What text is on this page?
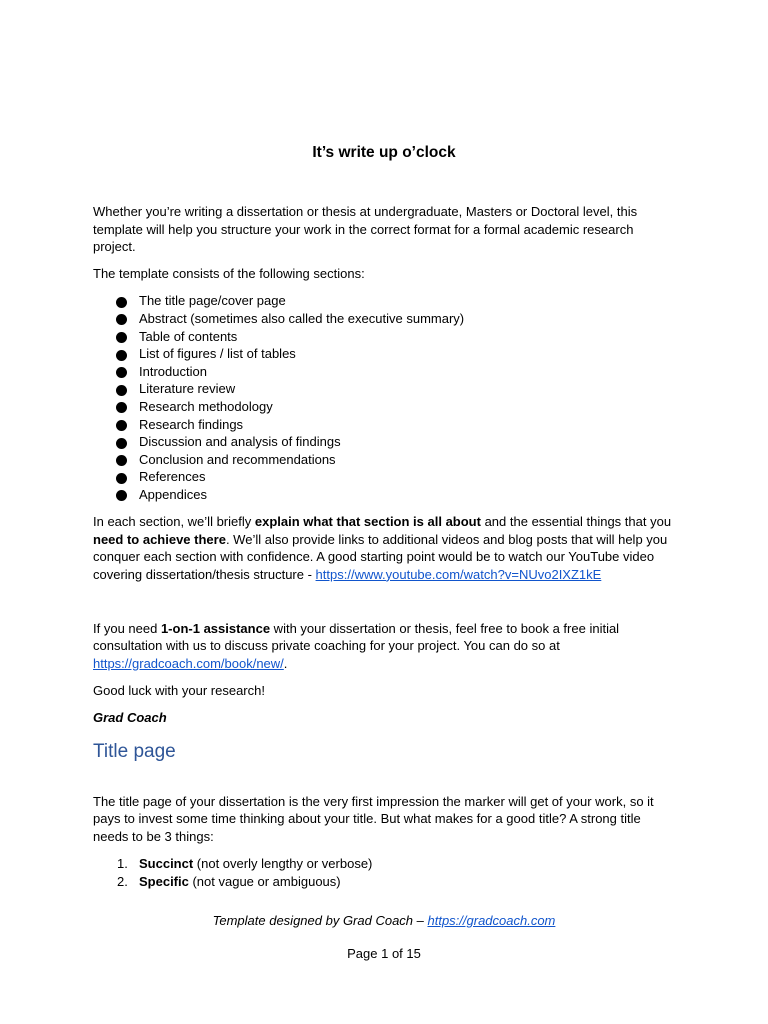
It’s write up o’clock

Whether you’re writing a dissertation or thesis at undergraduate, Masters or Doctoral level, this template will help you structure your work in the correct format for a formal academic research project.

The template consists of the following sections:

The title page/cover page
Abstract (sometimes also called the executive summary)
Table of contents
List of figures / list of tables
Introduction
Literature review
Research methodology
Research findings
Discussion and analysis of findings
Conclusion and recommendations
References
Appendices

In each section, we’ll briefly explain what that section is all about and the essential things that you need to achieve there. We’ll also provide links to additional videos and blog posts that will help you conquer each section with confidence. A good starting point would be to watch our YouTube video covering dissertation/thesis structure - https://www.youtube.com/watch?v=NUvo2IXZ1kE

If you need 1-on-1 assistance with your dissertation or thesis, feel free to book a free initial consultation with us to discuss private coaching for your project. You can do so at https://gradcoach.com/book/new/.

Good luck with your research!

Grad Coach

Title page

The title page of your dissertation is the very first impression the marker will get of your work, so it pays to invest some time thinking about your title. But what makes for a good title? A strong title needs to be 3 things:

1. Succinct (not overly lengthy or verbose)
2. Specific (not vague or ambiguous)
Template designed by Grad Coach – https://gradcoach.com
Page 1 of 15
